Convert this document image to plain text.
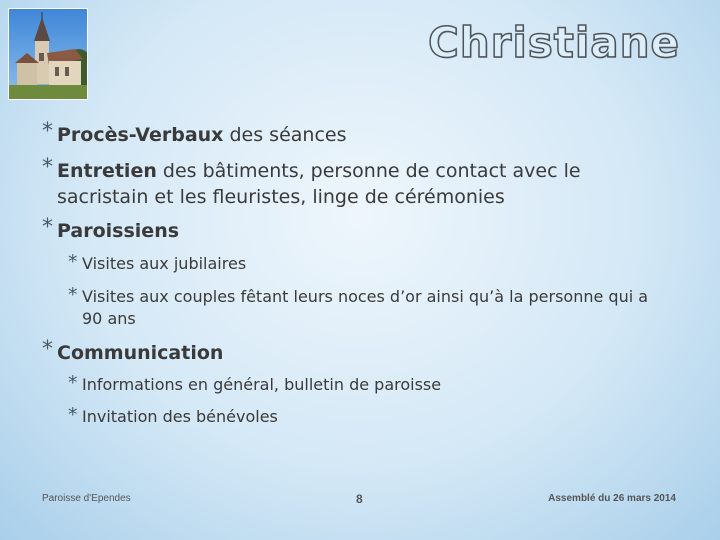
Christiane
* Procès-Verbaux des séances
* Entretien des bâtiments, personne de contact avec le sacristain et les fleuristes, linge de cérémonies
* Paroissiens
* Visites aux jubilaires
* Visites aux couples fêtant leurs noces d’or ainsi qu’à la personne qui a 90 ans
* Communication
* Informations en général, bulletin de paroisse
* Invitation des bénévoles
Paroisse d'Ependes	8	Assemblé du 26 mars 2014
